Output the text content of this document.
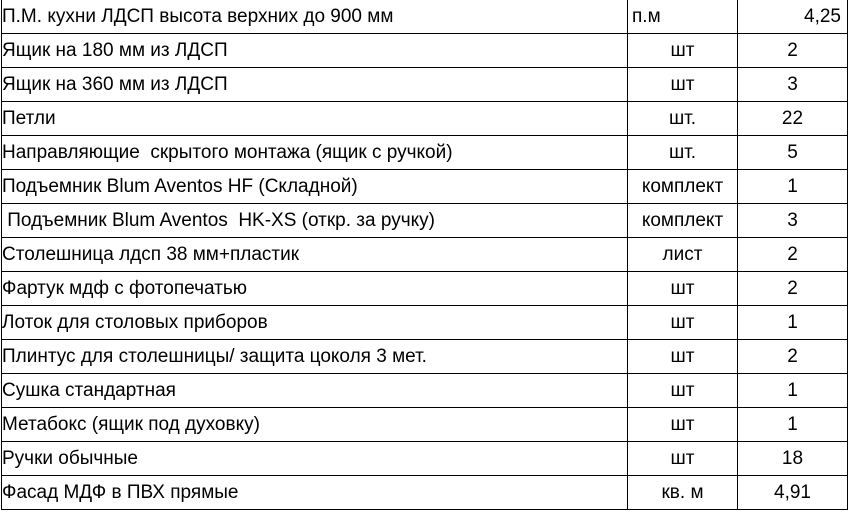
П.М. кухни ЛДСП высота верхних до 900 мм	п.м	4,25
Ящик на 180 мм из ЛДСП	шт	2
Ящик на 360 мм из ЛДСП	шт	3
Петли	шт.	22
Направляющие  скрытого монтажа (ящик с ручкой)	шт.	5
Подъемник Blum Aventos HF (Складной)	комплект	1
Подъемник Blum Aventos  HK-XS (откр. за ручку)	комплект	3
Столешница лдсп 38 мм+пластик	лист	2
Фартук мдф с фотопечатью	шт	2
Лоток для столовых приборов	шт	1
Плинтус для столешницы/ защита цоколя 3 мет.	шт	2
Сушка стандартная	шт	1
Метабокс (ящик под духовку)	шт	1
Ручки обычные	шт	18
Фасад МДФ в ПВХ прямые	кв. м	4,91
